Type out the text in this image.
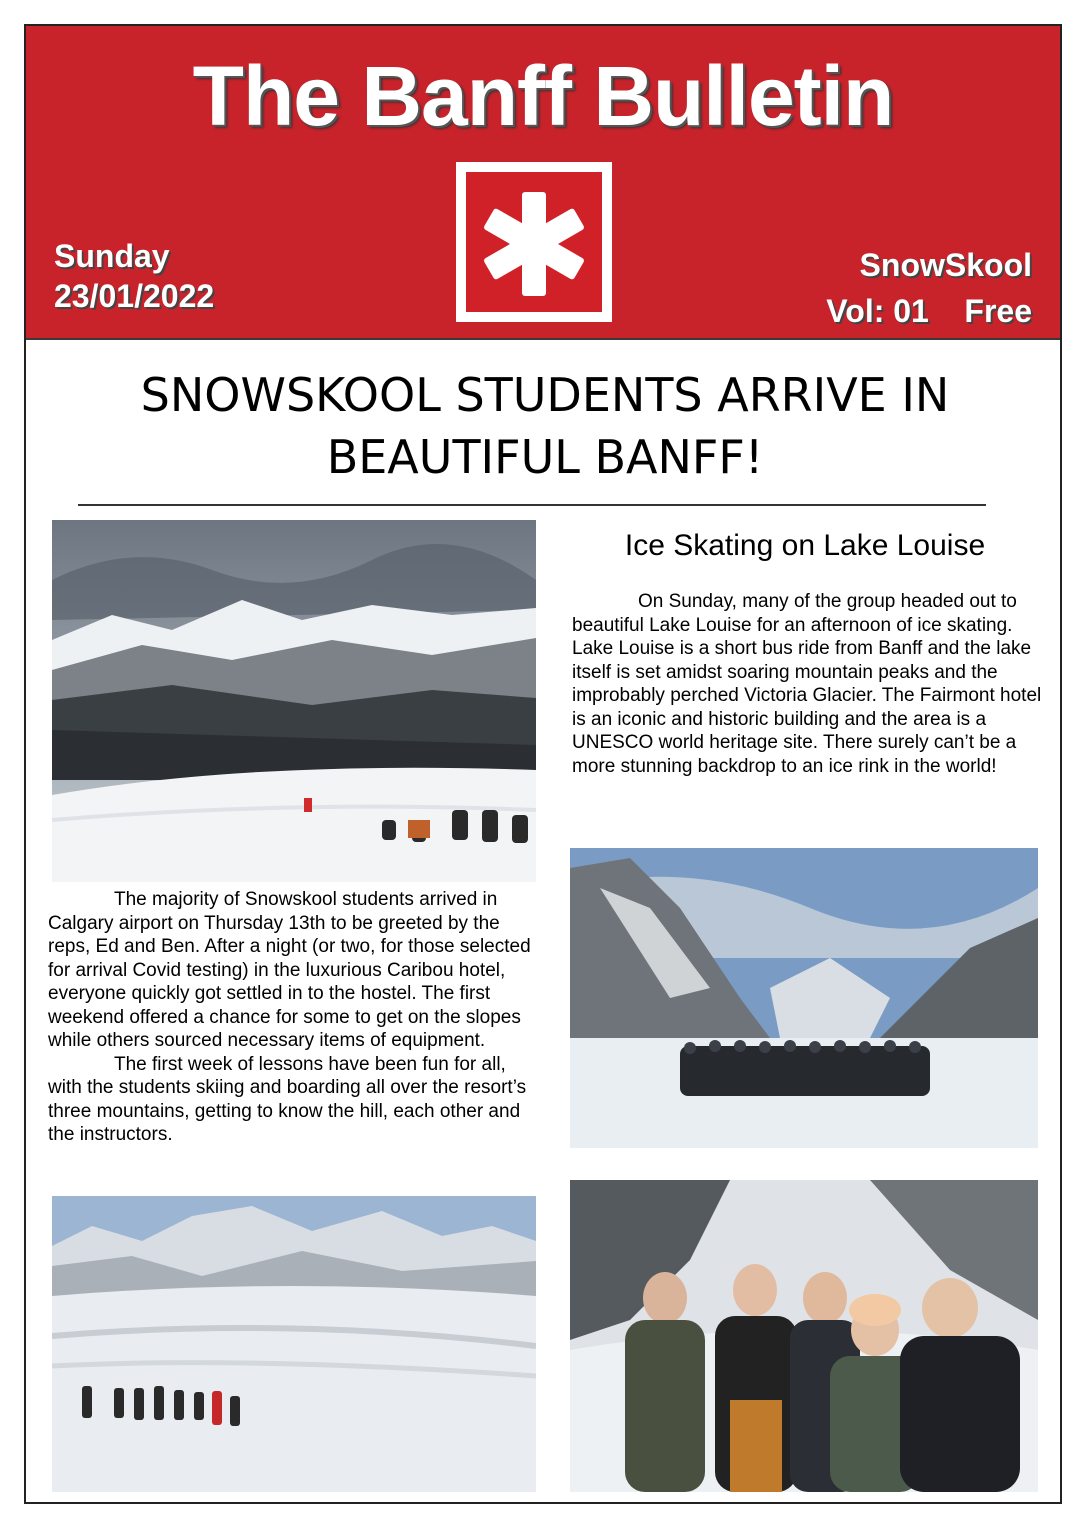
The Banff Bulletin
Sunday
23/01/2022
SnowSkool
Vol: 01 Free
SNOWSKOOL STUDENTS ARRIVE IN BEAUTIFUL BANFF!

The majority of Snowskool students arrived in Calgary airport on Thursday 13th to be greeted by the reps, Ed and Ben. After a night (or two, for those selected for arrival Covid testing) in the luxurious Caribou hotel, everyone quickly got settled in to the hostel. The first weekend offered a chance for some to get on the slopes while others sourced necessary items of equipment.

The first week of lessons have been fun for all, with the students skiing and boarding all over the resort’s three mountains, getting to know the hill, each other and the instructors.

Ice Skating on Lake Louise

On Sunday, many of the group headed out to beautiful Lake Louise for an afternoon of ice skating. Lake Louise is a short bus ride from Banff and the lake itself is set amidst soaring mountain peaks and the improbably perched Victoria Glacier. The Fairmont hotel is an iconic and historic building and the area is a UNESCO world heritage site. There surely can’t be a more stunning backdrop to an ice rink in the world!
